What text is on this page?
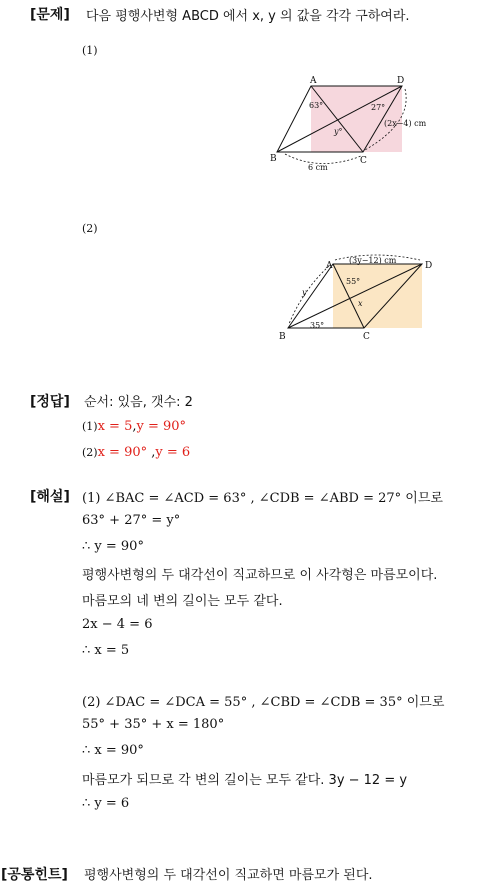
[문제] 다음 평행사변형 ABCD 에서 x, y 의 값을 각각 구하여라.
(1)
A	D
B	C
63°	27°
y°
(2x−4) cm
6 cm
(2)
A	D
B	C
(3y−12) cm
55°
x
y
35°
[정답] 순서: 있음, 갯수: 2
(1)x = 5,y = 90°
(2)x = 90° ,y = 6
[해설] (1) ∠BAC = ∠ACD = 63° , ∠CDB = ∠ABD = 27° 이므로
63° + 27° = y°
∴ y = 90°
평행사변형의 두 대각선이 직교하므로 이 사각형은 마름모이다.
마름모의 네 변의 길이는 모두 같다.
2x − 4 = 6
∴ x = 5
(2) ∠DAC = ∠DCA = 55° , ∠CBD = ∠CDB = 35° 이므로
55° + 35° + x = 180°
∴ x = 90°
마름모가 되므로 각 변의 길이는 모두 같다. 3y − 12 = y
∴ y = 6
[공통힌트] 평행사변형의 두 대각선이 직교하면 마름모가 된다.
